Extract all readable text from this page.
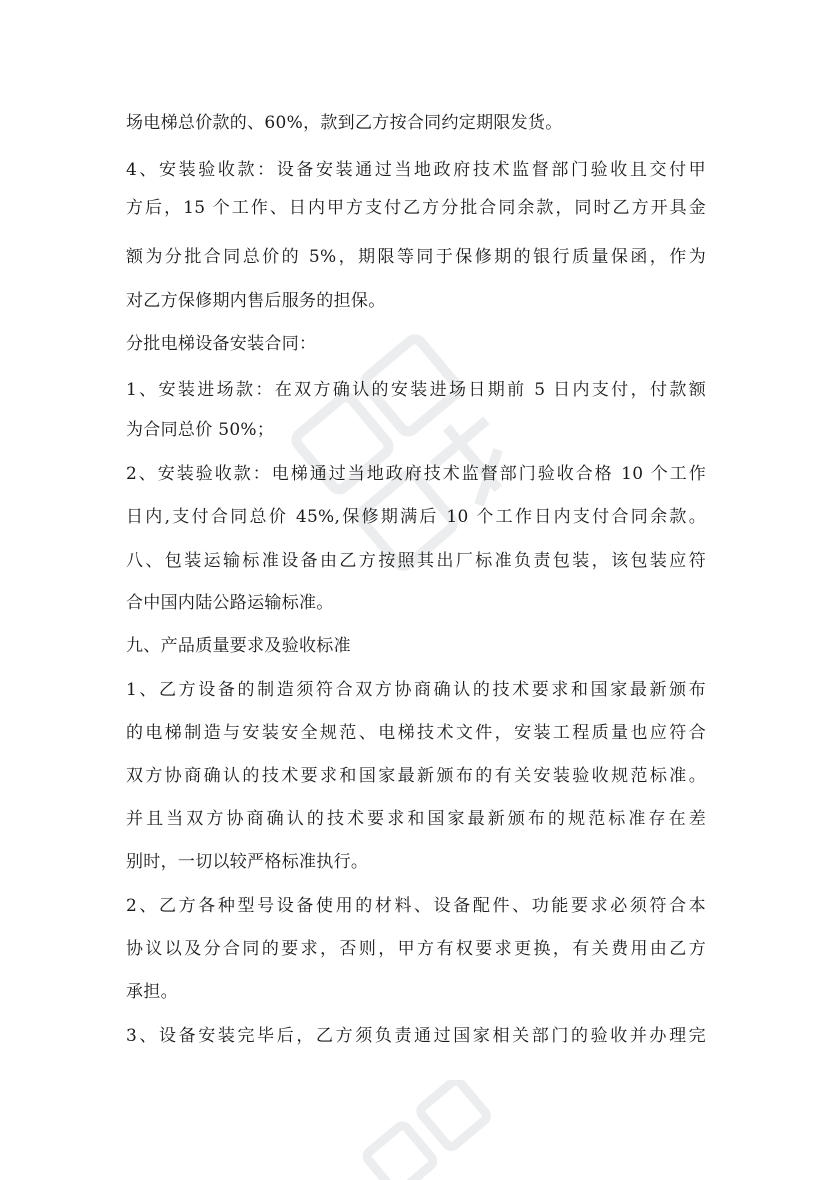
场电梯总价款的、60%，款到乙方按合同约定期限发货。
4、安装验收款：设备安装通过当地政府技术监督部门验收且交付甲
方后，15 个工作、日内甲方支付乙方分批合同余款，同时乙方开具金
额为分批合同总价的 5%，期限等同于保修期的银行质量保函，作为
对乙方保修期内售后服务的担保。
分批电梯设备安装合同：
1、安装进场款：在双方确认的安装进场日期前 5 日内支付，付款额
为合同总价 50%；
2、安装验收款：电梯通过当地政府技术监督部门验收合格 10 个工作
日内,支付合同总价 45%,保修期满后 10 个工作日内支付合同余款。
八、包装运输标准设备由乙方按照其出厂标准负责包装，该包装应符
合中国内陆公路运输标准。
九、产品质量要求及验收标准
1、乙方设备的制造须符合双方协商确认的技术要求和国家最新颁布
的电梯制造与安装安全规范、电梯技术文件，安装工程质量也应符合
双方协商确认的技术要求和国家最新颁布的有关安装验收规范标准。
并且当双方协商确认的技术要求和国家最新颁布的规范标准存在差
别时，一切以较严格标准执行。
2、乙方各种型号设备使用的材料、设备配件、功能要求必须符合本
协议以及分合同的要求，否则，甲方有权要求更换，有关费用由乙方
承担。
3、设备安装完毕后，乙方须负责通过国家相关部门的验收并办理完
